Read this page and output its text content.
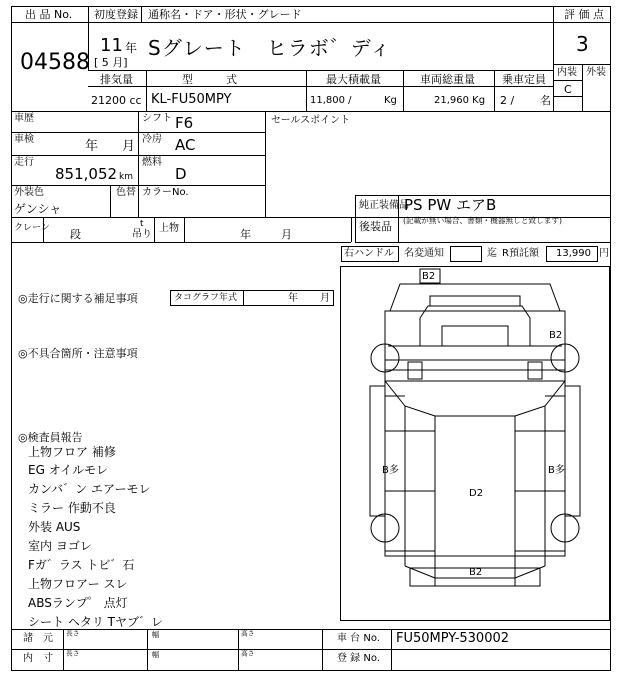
出 品 No.
04588
初度登録 通称名・ドア・形状・グレード
11 年
[ 5 月]
Sグレート　ヒラボ゛ディ
評 価 点
3
内装 外装
C
排気量
21200 cc
型　　　式
KL-FU50MPY
最大積載量
11,800 /	Kg
車両総重量
21,960 Kg
乗車定員
2 / 名
車歴	シフト F6
車検	年 月 冷房 AC
走行
851,052 km
燃料
D
外装色
ゲンシャ
色替 カラーNo.
セールスポイント
純正装備品
PS PW エアB
後装品 (記載が無い場合、書類・機器無しと致します)
クレーン 段
t
吊り
上物	年	月
右ハンドル 名変通知	迄 R預託額 13,990 円
◎走行に関する補足事項	タコグラフ年式	年 月
◎不具合箇所・注意事項
◎検査員報告
上物フロア 補修
EG オイルモレ
カンバ゛ン エアーモレ
ミラー 作動不良
外装 AUS
室内 ヨゴレ
Fガ゛ラス トビ゛石
上物フロアー スレ
ABSランプ゜ 点灯
シート ヘタリ Tヤブ゛レ
B2
B2
B多	B多
D2
B2
諸　元
内　寸
長さ	幅	高さ
長さ	幅	高さ
車 台 No. FU50MPY-530002
登 録 No.
